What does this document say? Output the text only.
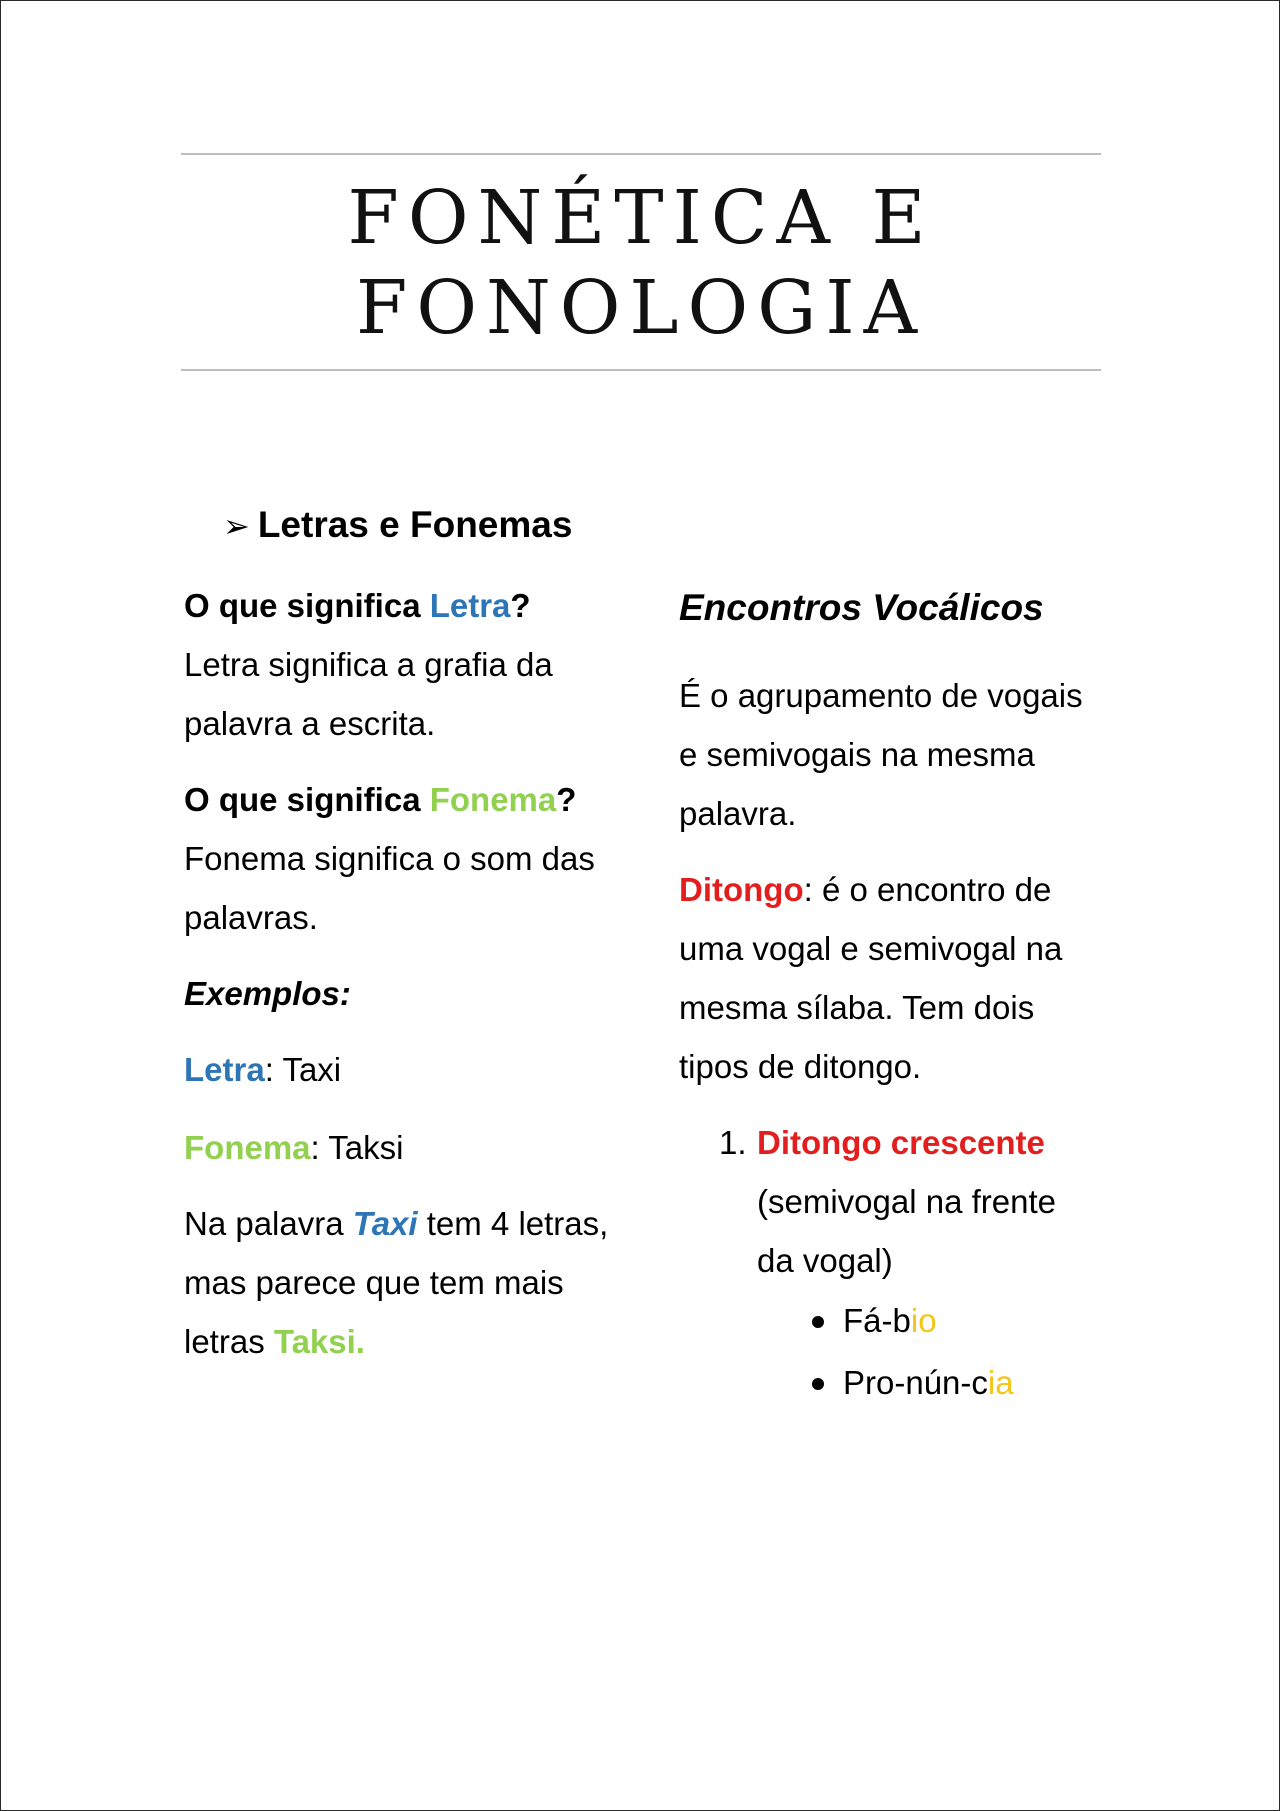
FONÉTICA E
FONOLOGIA
➢ Letras e Fonemas

O que significa Letra?
Letra significa a grafia da palavra a escrita.

O que significa Fonema?
Fonema significa o som das palavras.

Exemplos:

Letra: Taxi

Fonema: Taksi

Na palavra Taxi tem 4 letras, mas parece que tem mais letras Taksi.

Encontros Vocálicos

É o agrupamento de vogais e semivogais na mesma palavra.

Ditongo: é o encontro de uma vogal e semivogal na mesma sílaba. Tem dois tipos de ditongo.

1. Ditongo crescente
(semivogal na frente da vogal)
Fá-bio
Pro-nún-cia
